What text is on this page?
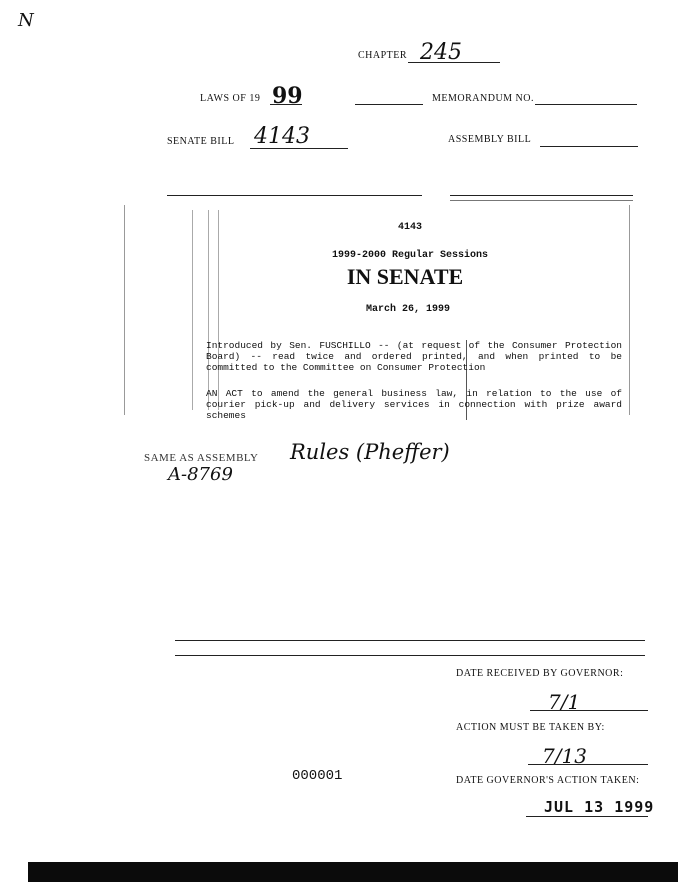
N
CHAPTER 245
LAWS OF 19 99	MEMORANDUM NO.
SENATE BILL 4143	ASSEMBLY BILL
4143
1999-2000 Regular Sessions
IN SENATE
March 26, 1999
Introduced by Sen. FUSCHILLO -- (at request of the Consumer Protection
Board) -- read twice and ordered printed, and when printed to be
committed to the Committee on Consumer Protection
AN ACT to amend the general business law, in relation to the use of
courier pick-up and delivery services in connection with prize award
schemes
SAME AS ASSEMBLY Rules (Pheffer)
A-8769
DATE RECEIVED BY GOVERNOR:
7/1
ACTION MUST BE TAKEN BY:
7/13
000001	DATE GOVERNOR'S ACTION TAKEN:
JUL 13 1999
